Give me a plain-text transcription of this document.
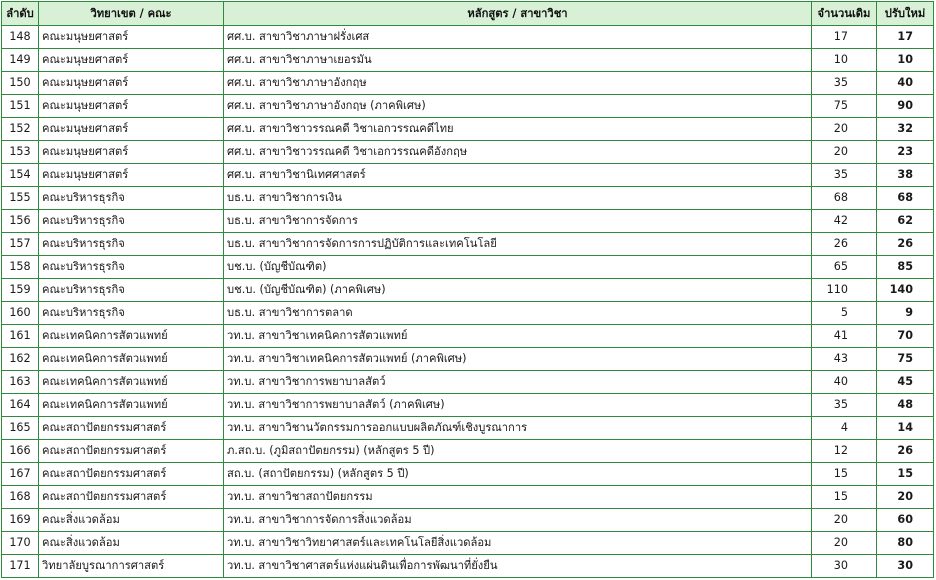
ลำดับ	วิทยาเขต / คณะ	หลักสูตร / สาขาวิชา	จำนวนเดิม	ปรับใหม่
148	คณะมนุษยศาสตร์	ศศ.บ. สาขาวิชาภาษาฝรั่งเศส	17	17
149	คณะมนุษยศาสตร์	ศศ.บ. สาขาวิชาภาษาเยอรมัน	10	10
150	คณะมนุษยศาสตร์	ศศ.บ. สาขาวิชาภาษาอังกฤษ	35	40
151	คณะมนุษยศาสตร์	ศศ.บ. สาขาวิชาภาษาอังกฤษ (ภาคพิเศษ)	75	90
152	คณะมนุษยศาสตร์	ศศ.บ. สาขาวิชาวรรณคดี วิชาเอกวรรณคดีไทย	20	32
153	คณะมนุษยศาสตร์	ศศ.บ. สาขาวิชาวรรณคดี วิชาเอกวรรณคดีอังกฤษ	20	23
154	คณะมนุษยศาสตร์	ศศ.บ. สาขาวิชานิเทศศาสตร์	35	38
155	คณะบริหารธุรกิจ	บธ.บ. สาขาวิชาการเงิน	68	68
156	คณะบริหารธุรกิจ	บธ.บ. สาขาวิชาการจัดการ	42	62
157	คณะบริหารธุรกิจ	บธ.บ. สาขาวิชาการจัดการการปฏิบัติการและเทคโนโลยี	26	26
158	คณะบริหารธุรกิจ	บช.บ. (บัญชีบัณฑิต)	65	85
159	คณะบริหารธุรกิจ	บช.บ. (บัญชีบัณฑิต) (ภาคพิเศษ)	110	140
160	คณะบริหารธุรกิจ	บธ.บ. สาขาวิชาการตลาด	5	9
161	คณะเทคนิคการสัตวแพทย์	วท.บ. สาขาวิชาเทคนิคการสัตวแพทย์	41	70
162	คณะเทคนิคการสัตวแพทย์	วท.บ. สาขาวิชาเทคนิคการสัตวแพทย์ (ภาคพิเศษ)	43	75
163	คณะเทคนิคการสัตวแพทย์	วท.บ. สาขาวิชาการพยาบาลสัตว์	40	45
164	คณะเทคนิคการสัตวแพทย์	วท.บ. สาขาวิชาการพยาบาลสัตว์ (ภาคพิเศษ)	35	48
165	คณะสถาปัตยกรรมศาสตร์	วท.บ. สาขาวิชานวัตกรรมการออกแบบผลิตภัณฑ์เชิงบูรณาการ	4	14
166	คณะสถาปัตยกรรมศาสตร์	ภ.สถ.บ. (ภูมิสถาปัตยกรรม) (หลักสูตร 5 ปี)	12	26
167	คณะสถาปัตยกรรมศาสตร์	สถ.บ. (สถาปัตยกรรม) (หลักสูตร 5 ปี)	15	15
168	คณะสถาปัตยกรรมศาสตร์	วท.บ. สาขาวิชาสถาปัตยกรรม	15	20
169	คณะสิ่งแวดล้อม	วท.บ. สาขาวิชาการจัดการสิ่งแวดล้อม	20	60
170	คณะสิ่งแวดล้อม	วท.บ. สาขาวิชาวิทยาศาสตร์และเทคโนโลยีสิ่งแวดล้อม	20	80
171	วิทยาลัยบูรณาการศาสตร์	วท.บ. สาขาวิชาศาสตร์แห่งแผ่นดินเพื่อการพัฒนาที่ยั่งยืน	30	30
